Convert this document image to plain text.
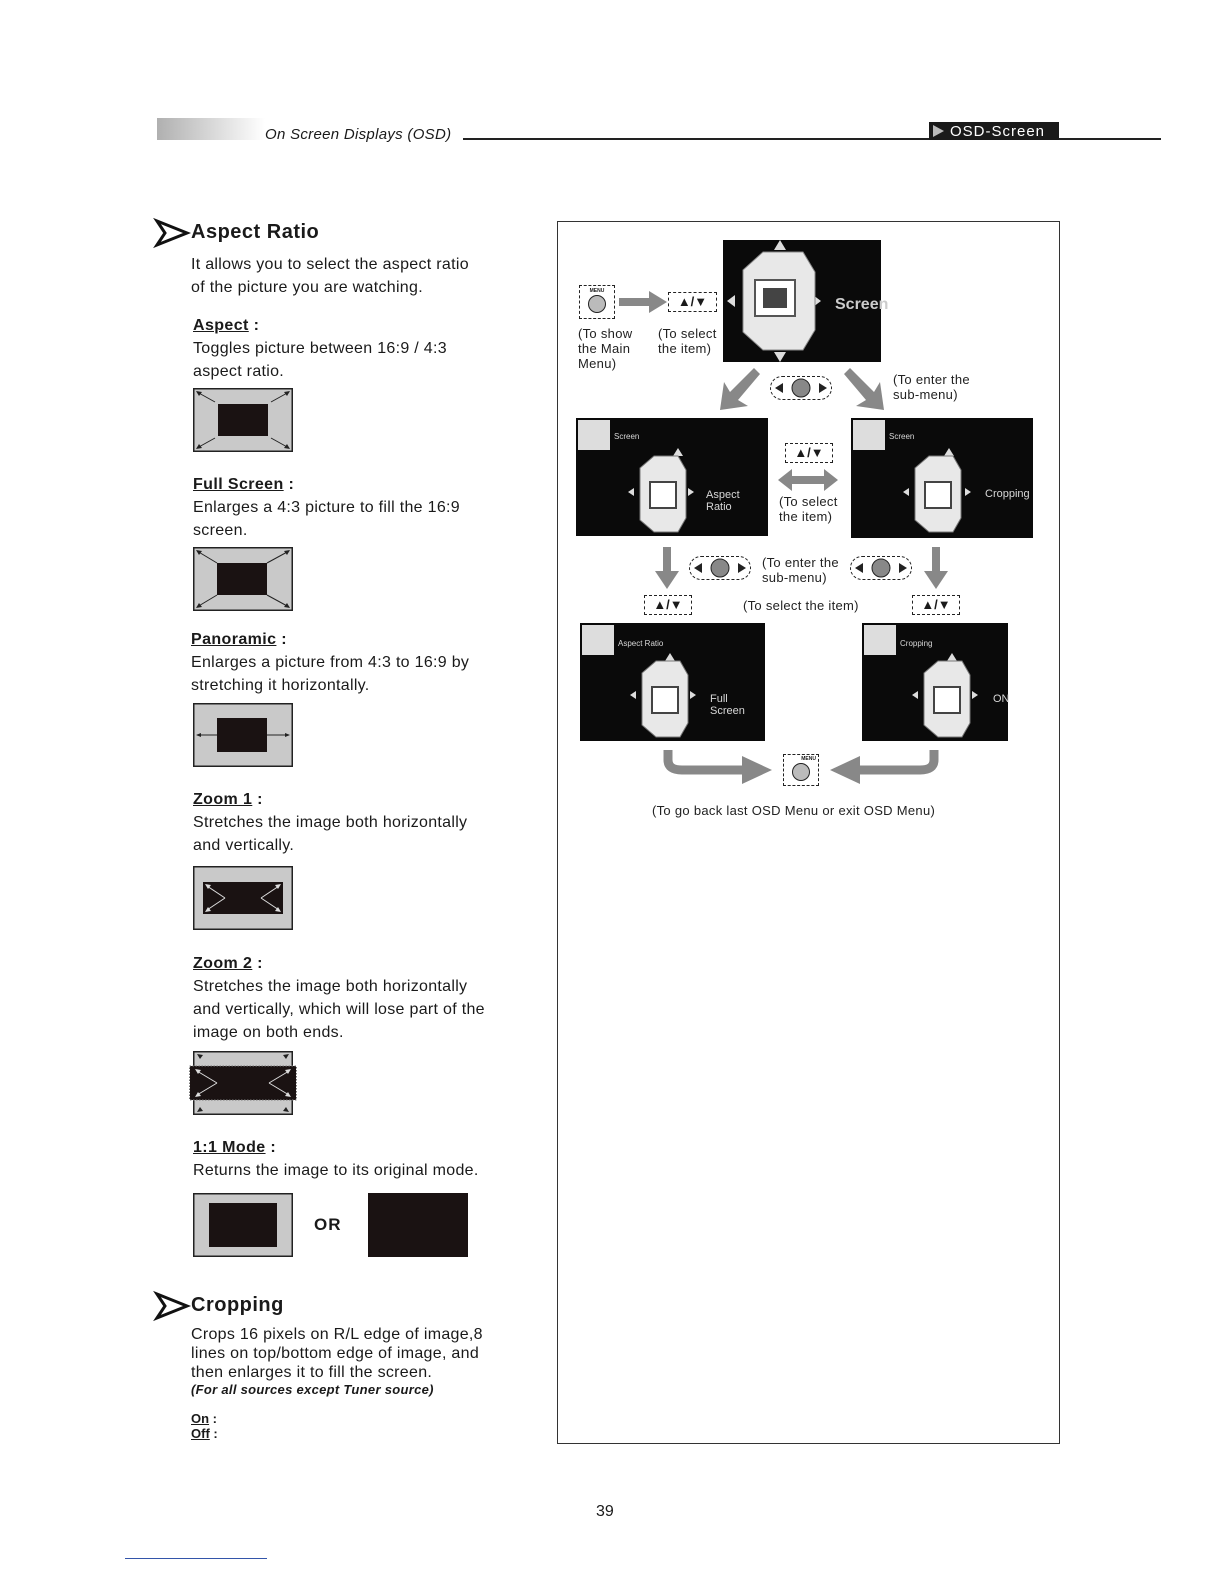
On Screen Displays (OSD)	OSD-Screen
Aspect Ratio
It allows you to select the aspect ratio
of the picture you are watching.
Aspect :
Toggles picture between 16:9 / 4:3
aspect ratio.
Full Screen :
Enlarges a 4:3 picture to fill the 16:9
screen.
Panoramic :
Enlarges a picture from 4:3 to 16:9 by
stretching it horizontally.
Zoom 1 :
Stretches the image both horizontally
and vertically.
Zoom 2 :
Stretches the image both horizontally
and vertically, which will lose part of the
image on both ends.
1:1 Mode :
Returns the image to its original mode.
OR
Cropping
Crops 16 pixels on R/L edge of image,8
lines on top/bottom edge of image, and
then enlarges it to fill the screen.
(For all sources except Tuner source)
On :
Off :
MENU
▲/▼
(To show
the Main
Menu)
(To select
the item)
Screen
(To enter the
sub-menu)
Screen
Aspect Ratio
▲/▼
(To select
the item)
Screen
Cropping
(To enter the
sub-menu)
▲/▼	(To select the item)	▲/▼
Aspect Ratio
Full Screen
Cropping
ON
MENU
(To go back last OSD Menu or exit OSD Menu)
39
